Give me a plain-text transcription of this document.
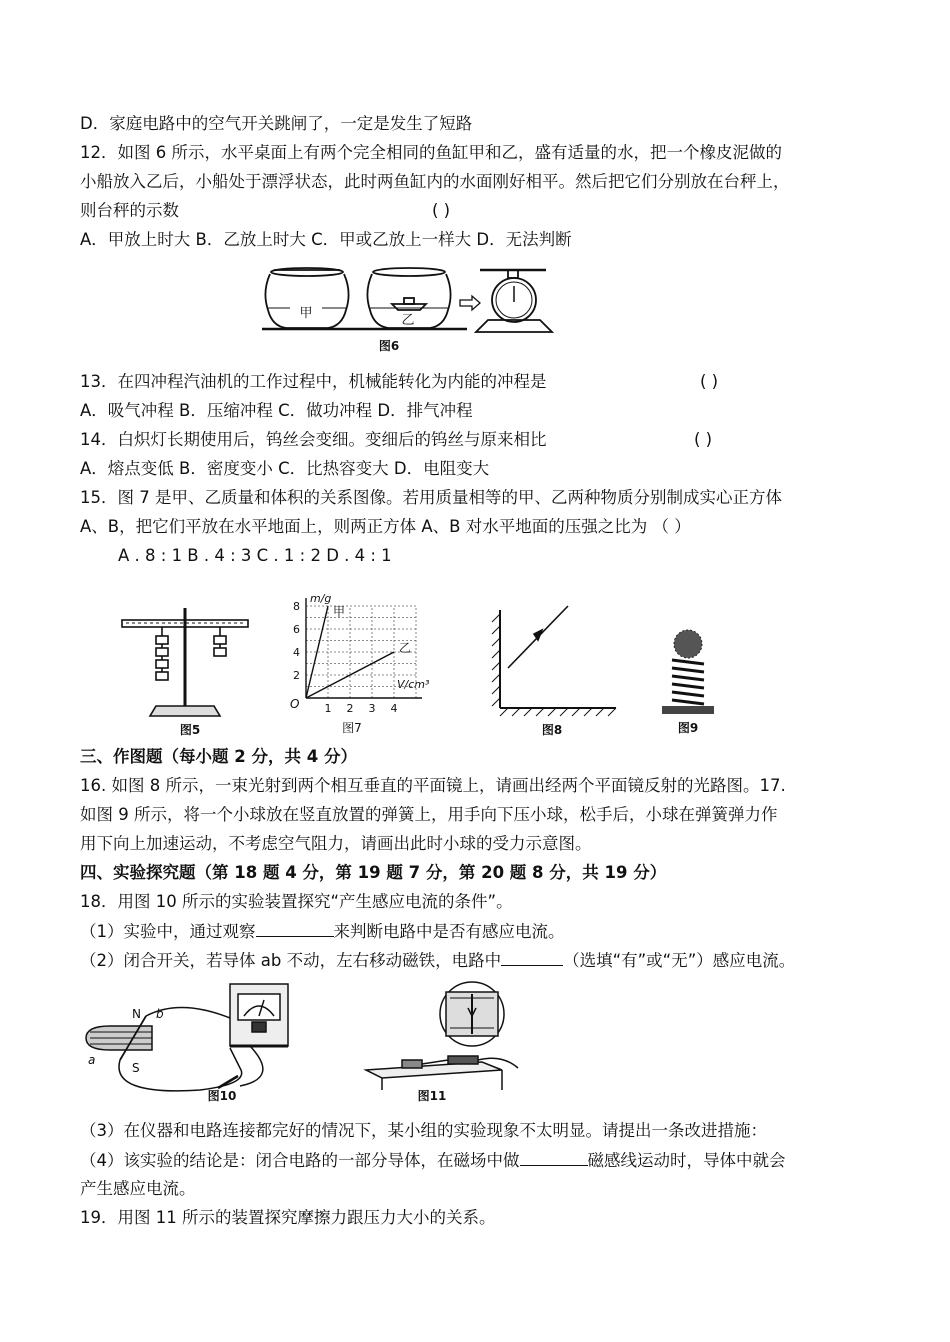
D．家庭电路中的空气开关跳闸了，一定是发生了短路
12．如图 6 所示，水平桌面上有两个完全相同的鱼缸甲和乙，盛有适量的水，把一个橡皮泥做的
小船放入乙后，小船处于漂浮状态，此时两鱼缸内的水面刚好相平。然后把它们分别放在台秤上，
则台秤的示数	( )
A．甲放上时大 B．乙放上时大 C．甲或乙放上一样大 D．无法判断
甲	乙
图6
13．在四冲程汽油机的工作过程中，机械能转化为内能的冲程是	( )
A．吸气冲程 B．压缩冲程 C．做功冲程 D．排气冲程
14．白炽灯长期使用后，钨丝会变细。变细后的钨丝与原来相比	( )
A．熔点变低 B．密度变小 C．比热容变大 D．电阻变大
15．图 7 是甲、乙质量和体积的关系图像。若用质量相等的甲、乙两种物质分别制成实心正方体
A、B，把它们平放在水平地面上，则两正方体 A、B 对水平地面的压强之比为 （ ）
A . 8 : 1 B . 4 : 3 C . 1 : 2 D . 4 : 1
图5
m/g
V/cm³
O
图7
2
4
6
8
1 2 3 4
甲
乙
图8	图9
三、作图题（每小题 2 分，共 4 分）
16. 如图 8 所示，一束光射到两个相互垂直的平面镜上，请画出经两个平面镜反射的光路图。17.
如图 9 所示，将一个小球放在竖直放置的弹簧上，用手向下压小球，松手后，小球在弹簧弹力作
用下向上加速运动，不考虑空气阻力，请画出此时小球的受力示意图。
四、实验探究题（第 18 题 4 分，第 19 题 7 分，第 20 题 8 分，共 19 分）
18．用图 10 所示的实验装置探究“产生感应电流的条件”。
（1）实验中，通过观察	来判断电路中是否有感应电流。
（2）闭合开关，若导体 ab 不动，左右移动磁铁，电路中	（选填“有”或“无”）感应电流。
N b
a
S
图10	图11
（3）在仪器和电路连接都完好的情况下，某小组的实验现象不太明显。请提出一条改进措施：
（4）该实验的结论是：闭合电路的一部分导体，在磁场中做	磁感线运动时，导体中就会
产生感应电流。
19．用图 11 所示的装置探究摩擦力跟压力大小的关系。
